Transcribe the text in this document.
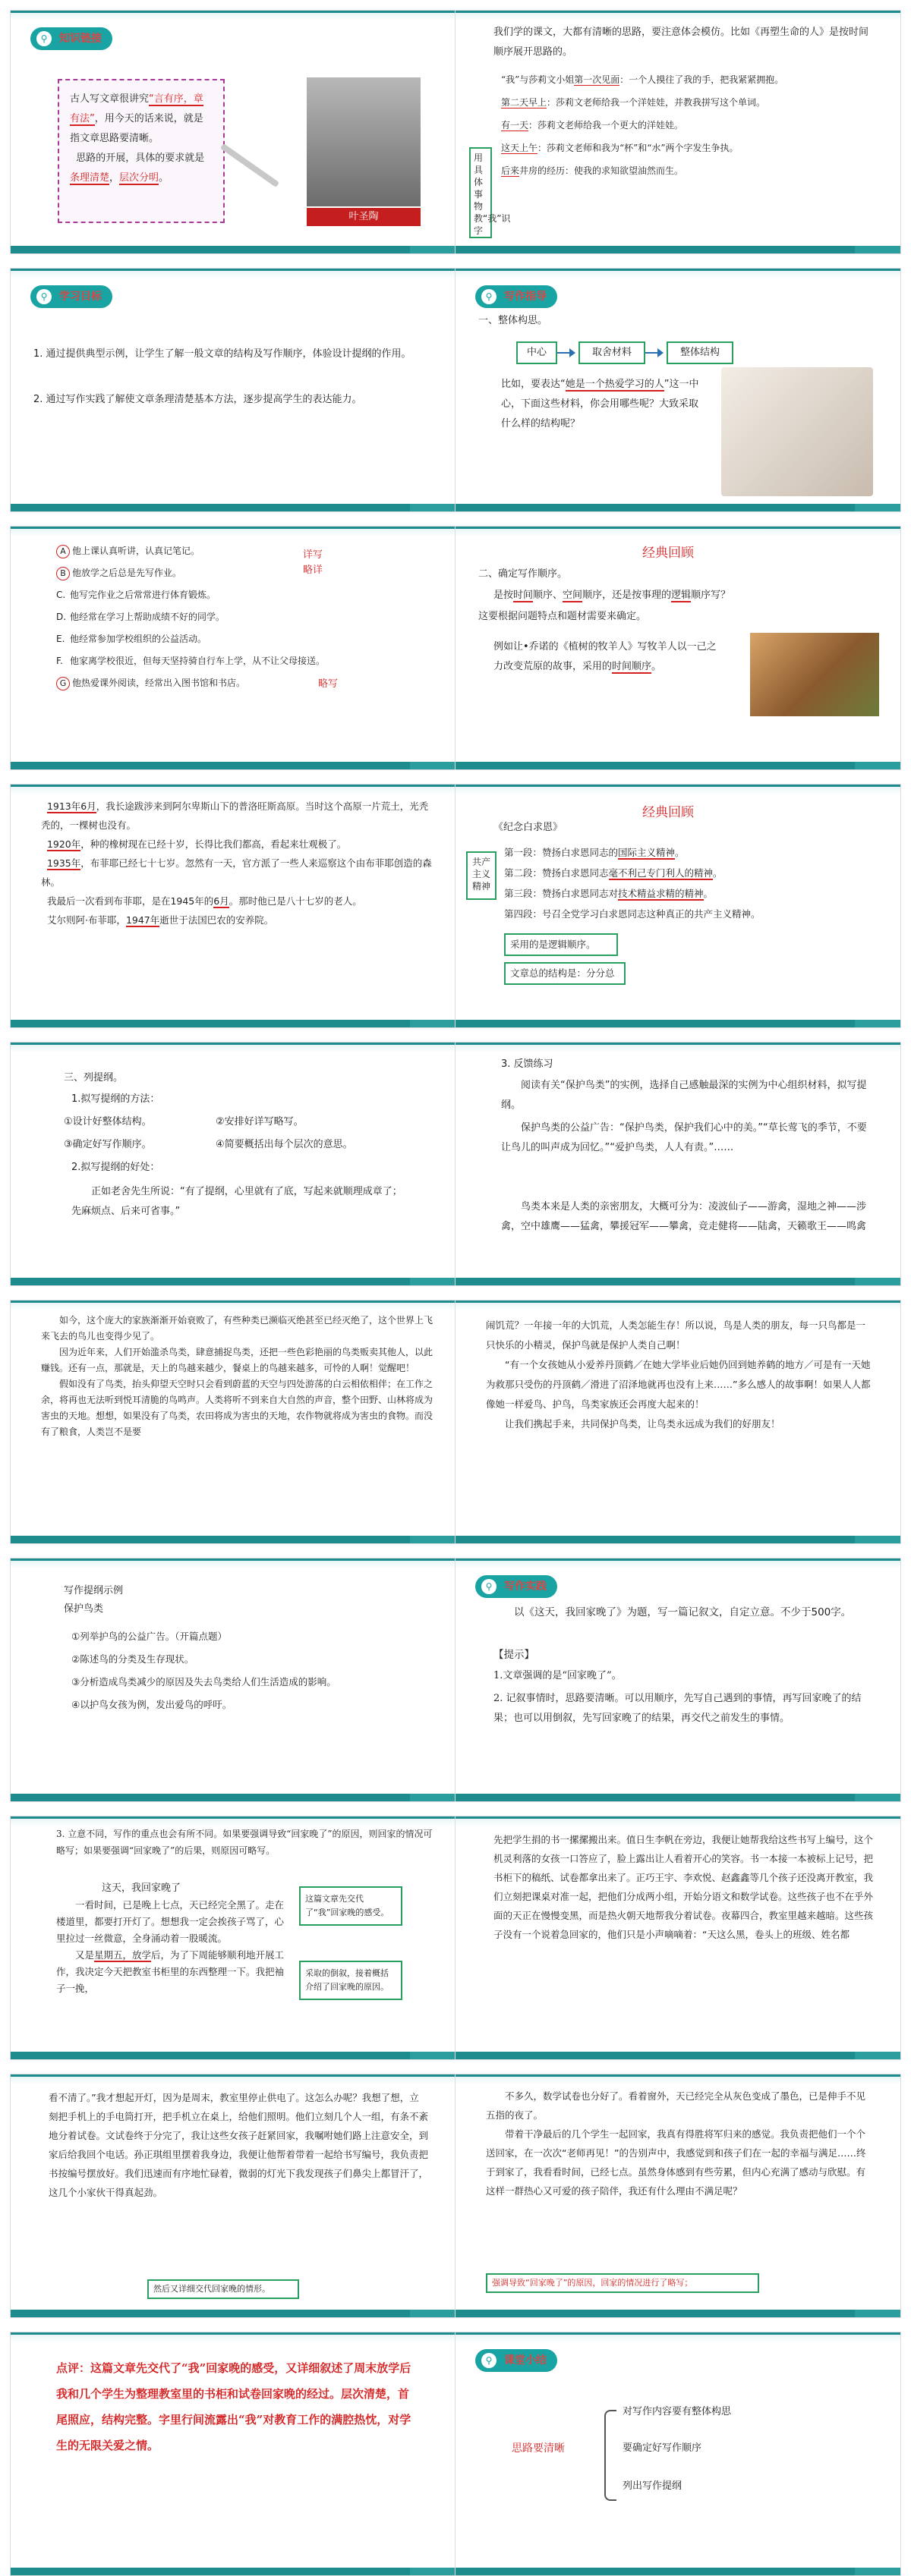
⚲	知识链接
古人写文章很讲究“言有序，章有法”，用今天的话来说，就是指文章思路要清晰。
思路的开展，具体的要求就是条理清楚，层次分明。
叶圣陶
我们学的课文，大都有清晰的思路，要注意体会模仿。比如《再塑生命的人》是按时间顺序展开思路的。
用具体事物教“我”识字
“我”与莎莉文小姐第一次见面：一个人摸往了我的手，把我紧紧拥抱。
第二天早上：莎莉文老师给我一个洋娃娃，并教我拼写这个单词。
有一天：莎莉文老师给我一个更大的洋娃娃。
这天上午：莎莉文老师和我为“杯”和“水”两个字发生争执。
后来井房的经历：使我的求知欲望油然而生。
⚲	学习目标
1. 通过提供典型示例，让学生了解一般文章的结构及写作顺序，体验设计提纲的作用。
2. 通过写作实践了解使文章条理清楚基本方法，逐步提高学生的表达能力。
⚲	写作指导
一、整体构思。
中心	取舍材料	整体结构
比如，要表达“她是一个热爱学习的人”这一中心，下面这些材料，你会用哪些呢？大致采取什么样的结构呢？
A 他上课认真听讲，认真记笔记。
B 他放学之后总是先写作业。
C. 他写完作业之后常常进行体育锻炼。
D. 他经常在学习上帮助成绩不好的同学。
E. 他经常参加学校组织的公益活动。
F. 他家离学校很近，但每天坚持骑自行车上学，从不让父母接送。
G 他热爱课外阅读，经常出入图书馆和书店。
详写
略详
略写
经典回顾
二、确定写作顺序。
是按时间顺序、空间顺序，还是按事理的逻辑顺序写？
这要根据问题特点和题材需要来确定。
例如让•乔诺的《植树的牧羊人》写牧羊人以一己之力改变荒原的故事，采用的时间顺序。
1913年6月，我长途跋涉来到阿尔卑斯山下的普洛旺斯高原。当时这个高原一片荒土，光秃秃的，一棵树也没有。
1920年，种的橡树现在已经十岁，长得比我们都高，看起来壮观极了。
1935年，布菲耶已经七十七岁。忽然有一天，官方派了一些人来巡察这个由布菲耶创造的森林。
我最后一次看到布菲耶，是在1945年的6月。那时他已是八十七岁的老人。
艾尔则阿·布菲耶，1947年逝世于法国巴农的安养院。
经典回顾
《纪念白求恩》
共产主义精神
第一段：赞扬白求恩同志的国际主义精神。
第二段：赞扬白求恩同志毫不利己专门利人的精神。
第三段：赞扬白求恩同志对技术精益求精的精神。
第四段：号召全党学习白求恩同志这种真正的共产主义精神。
采用的是逻辑顺序。
文章总的结构是：分分总
三、列提纲。
1.拟写提纲的方法：
①设计好整体结构。	②安排好详写略写。
③确定好写作顺序。	④简要概括出每个层次的意思。
2.拟写提纲的好处：
正如老舍先生所说：“有了提纲，心里就有了底，写起来就顺理成章了；先麻烦点、后来可省事。”
3. 反馈练习
阅读有关“保护鸟类”的实例，选择自己感触最深的实例为中心组织材料，拟写提纲。
保护鸟类的公益广告：“保护鸟类，保护我们心中的美。”“草长莺飞的季节，不要让鸟儿的叫声成为回忆。”“爱护鸟类，人人有责。”……
鸟类本来是人类的亲密朋友，大概可分为：凌波仙子——游禽，湿地之神——涉禽，空中雄鹰——猛禽，攀援冠军——攀禽，竞走健将——陆禽，天籁歌王——鸣禽
如今，这个庞大的家族渐渐开始衰败了，有些种类已濒临灭绝甚至已经灭绝了，这个世界上飞来飞去的鸟儿也变得少见了。
因为近年来，人们开始滥杀鸟类，肆意捕捉鸟类，还把一些色彩艳丽的鸟类贩卖其他人，以此赚钱。还有一点，那就是，天上的鸟越来越少，餐桌上的鸟越来越多，可怜的人啊！觉醒吧！
假如没有了鸟类，抬头仰望天空时只会看到蔚蓝的天空与四处游荡的白云相依相伴；在工作之余，将再也无法听到悦耳清脆的鸟鸣声。人类将听不到来自大自然的声音，整个田野、山林将成为害虫的天地。想想，如果没有了鸟类，农田将成为害虫的天地，农作物就将成为害虫的食物。而没有了粮食，人类岂不是要
闹饥荒？一年接一年的大饥荒，人类怎能生存！所以说，鸟是人类的朋友，每一只鸟都是一只快乐的小精灵，保护鸟就是保护人类自己啊！
“有一个女孩她从小爱养丹顶鹤／在她大学毕业后她仍回到她养鹤的地方／可是有一天她为救那只受伤的丹顶鹤／滑进了沼泽地就再也没有上来……”多么感人的故事啊！如果人人都像她一样爱鸟、护鸟，鸟类家族还会再度大起来的！
让我们携起手来，共同保护鸟类，让鸟类永远成为我们的好朋友！
写作提纲示例
保护鸟类
①列举护鸟的公益广告。（开篇点题）
②陈述鸟的分类及生存现状。
③分析造成鸟类减少的原因及失去鸟类给人们生活造成的影响。
④以护鸟女孩为例，发出爱鸟的呼吁。
⚲	写作实践
以《这天，我回家晚了》为题，写一篇记叙文，自定立意。不少于500字。
【提示】
1.文章强调的是“回家晚了”。
2. 记叙事情时，思路要清晰。可以用顺序，先写自己遇到的事情，再写回家晚了的结果；也可以用倒叙，先写回家晚了的结果，再交代之前发生的事情。
3. 立意不同，写作的重点也会有所不同。如果要强调导致“回家晚了”的原因，则回家的情况可略写；如果要强调“回家晚了”的后果，则原因可略写。
这天，我回家晚了
一看时间，已是晚上七点，天已经完全黑了。走在楼道里，都要打开灯了。想想我一定会挨孩子骂了，心里拉过一丝微意，全身涌动着一股暖流。
又是星期五，放学后，为了下周能够顺利地开展工作，我决定今天把教室书柜里的东西整理一下。我把袖子一挽，
这篇文章先交代了“我”回家晚的感受。
采取的倒叙，接着概括介绍了回家晚的原因。
先把学生捐的书一摞摞搬出来。值日生李帆在旁边，我便让她帮我给这些书写上编号，这个机灵利落的女孩一口答应了，脸上露出让人看着开心的笑容。书一本接一本被标上记号，把书柜下的稿纸、试卷都拿出来了。正巧王宇、李欢悦、赵鑫鑫等几个孩子还没离开教室，我们立刻把课桌对准一起，把他们分成两小组，开始分语文和数学试卷。这些孩子也不在乎外面的天正在慢慢变黑，而是热火朝天地帮我分着试卷。夜幕四合，教室里越来越暗。这些孩子没有一个说着急回家的，他们只是小声嘀嘀着：“天这么黑，卷头上的班级、姓名都
看不清了。”我才想起开灯，因为是周末，教室里停止供电了。这怎么办呢？我想了想，立刻把手机上的手电筒打开，把手机立在桌上，给他们照明。他们立刻几个人一组，有条不紊地分着试卷。文试卷终于分完了，我让这些女孩子赶紧回家，我嘱咐她们路上注意安全，到家后给我回个电话。孙正琪组里摆着我身边，我便让他帮着带着一起给书写编号，我负责把书按编号摆放好。我们迅速而有序地忙碌着，微弱的灯光下我发现孩子们鼻尖上都冒汗了，这几个小家伙干得真起劲。
然后又详细交代回家晚的情形。
不多久，数学试卷也分好了。看着窗外，天已经完全从灰色变成了墨色，已是伸手不见五指的夜了。
带着干净最后的几个学生一起回家，我真有得胜将军归来的感觉。我负责把他们一个个送回家，在一次次“老师再见！”的告别声中，我感觉到和孩子们在一起的幸福与满足……终于到家了，我看看时间，已经七点。虽然身体感到有些劳累，但内心充满了感动与欣慰。有这样一群热心又可爱的孩子陪伴，我还有什么理由不满足呢？
强调导致“回家晚了”的原因，回家的情况进行了略写；
点评：这篇文章先交代了“我”回家晚的感受，又详细叙述了周末放学后我和几个学生为整理教室里的书柜和试卷回家晚的经过。层次清楚，首尾照应，结构完整。字里行间流露出“我”对教育工作的满腔热忱，对学生的无限关爱之情。
⚲	课堂小结
思路要清晰
对写作内容要有整体构思
要确定好写作顺序
列出写作提纲
